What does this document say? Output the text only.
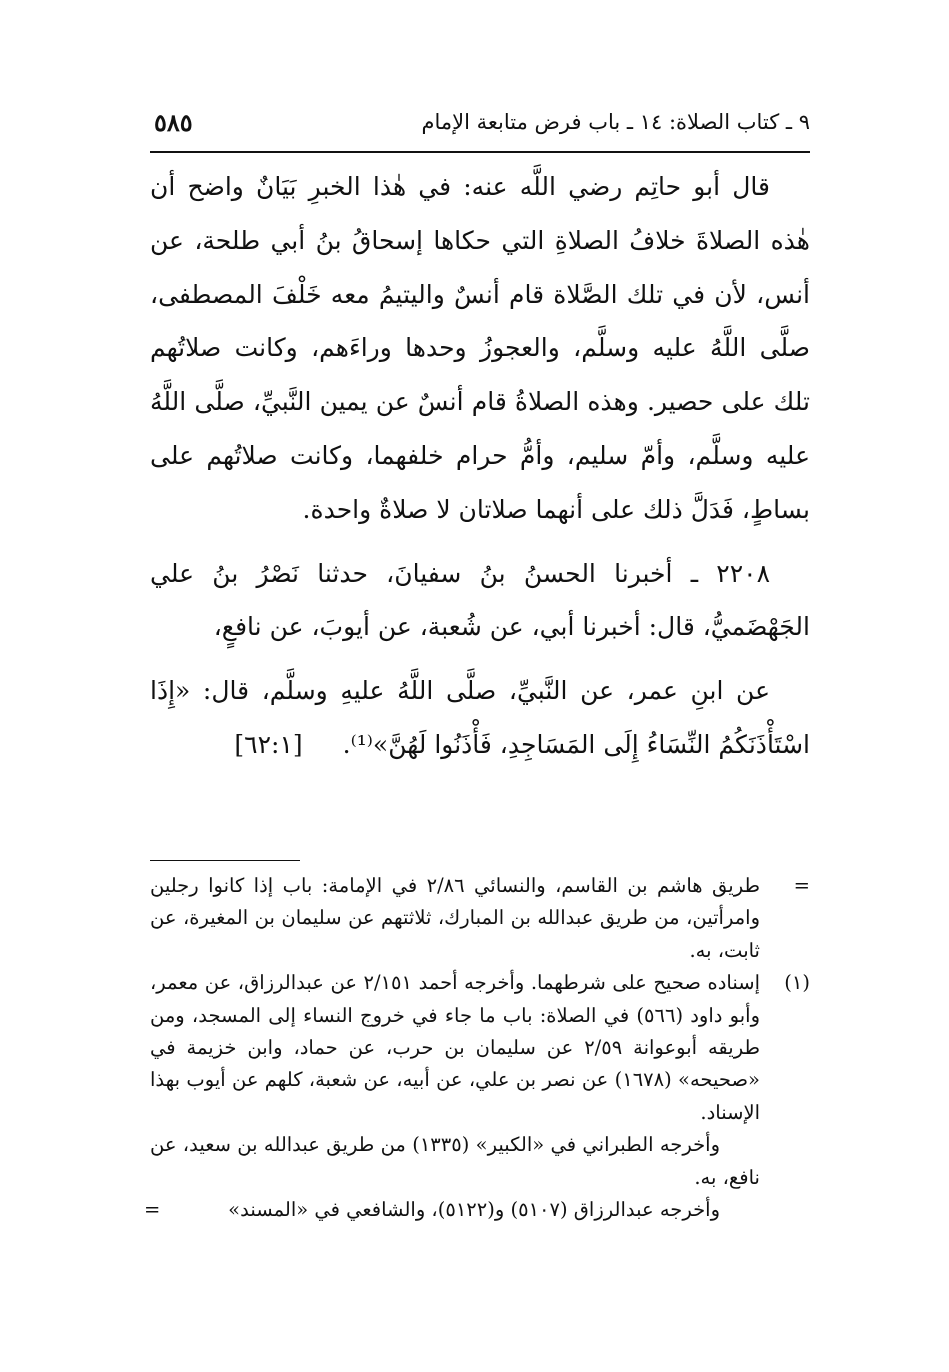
٩ ـ كتاب الصلاة: ١٤ ـ باب فرض متابعة الإمام
٥٨٥

قال أبو حاتِم رضي اللَّه عنه: في هٰذا الخبرِ بَيَانٌ واضح أن هٰذه الصلاةَ خلافُ الصلاةِ التي حكاها إسحاقُ بنُ أبي طلحة، عن أنس، لأن في تلك الصَّلاة قام أنسٌ واليتيمُ معه خَلْفَ المصطفى، صلَّى اللَّهُ عليه وسلَّم، والعجوزُ وحدها وراءَهم، وكانت صلاتُهم تلك على حصير. وهذه الصلاةُ قام أنسٌ عن يمين النَّبيِّ، صلَّى اللَّهُ عليه وسلَّم، وأمّ سليم، وأمُّ حرام خلفهما، وكانت صلاتُهم على بساطٍ، فَدَلَّ ذلك على أنهما صلاتان لا صلاةٌ واحدة.

٢٢٠٨ ـ أخبرنا الحسنُ بنُ سفيانَ، حدثنا نَصْرُ بنُ علي الجَهْضَميُّ، قال: أخبرنا أبي، عن شُعبة، عن أيوبَ، عن نافعٍ،

عن ابنِ عمر، عن النَّبيِّ، صلَّى اللَّهُ عليهِ وسلَّم، قال: «إِذَا اسْتَأْذَنَكُمُ النِّسَاءُ إِلَى المَسَاجِدِ، فَأْذَنُوا لَهُنَّ»⁽¹⁾.[٦٢:١]

=
طريق هاشم بن القاسم، والنسائي ٢/٨٦ في الإمامة: باب إذا كانوا رجلين وامرأتين، من طريق عبدالله بن المبارك، ثلاثتهم عن سليمان بن المغيرة، عن ثابت، به.

(١)
إسناده صحيح على شرطهما. وأخرجه أحمد ٢/١٥١ عن عبدالرزاق، عن معمر، وأبو داود (٥٦٦) في الصلاة: باب ما جاء في خروج النساء إلى المسجد، ومن طريقه أبوعوانة ٢/٥٩ عن سليمان بن حرب، عن حماد، وابن خزيمة في «صحيحه» (١٦٧٨) عن نصر بن علي، عن أبيه، عن شعبة، كلهم عن أيوب بهذا الإسناد.

وأخرجه الطبراني في «الكبير» (١٣٣٥) من طريق عبدالله بن سعيد، عن نافع، به.

وأخرجه عبدالرزاق (٥١٠٧) و(٥١٢٢)، والشافعي في «المسند»
=
